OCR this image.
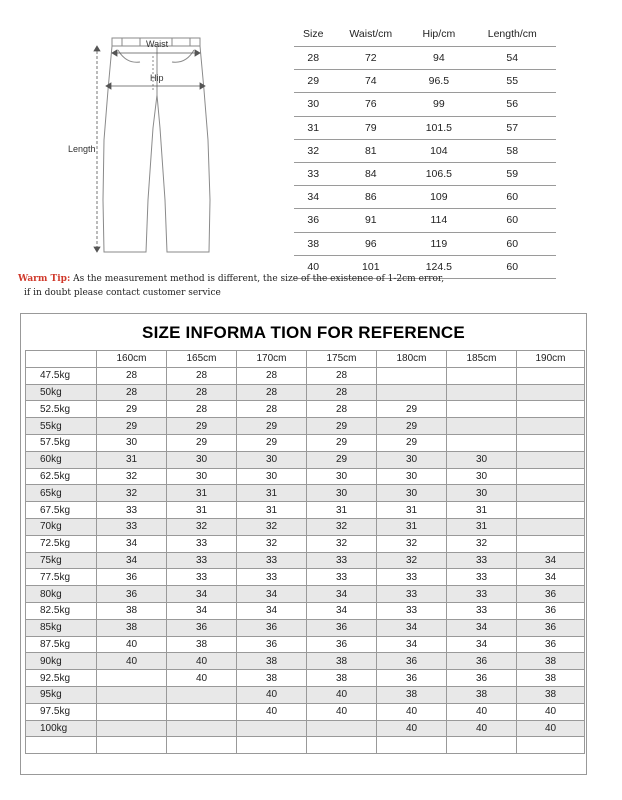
Waist
Hip
Length
Size	Waist/cm	Hip/cm	Length/cm
28	72	94	54
29	74	96.5	55
30	76	99	56
31	79	101.5	57
32	81	104	58
33	84	106.5	59
34	86	109	60
36	91	114	60
38	96	119	60
40	101	124.5	60
Warm Tip: As the measurement method is different, the size of the existence of 1-2cm error,
if in doubt please contact customer service
SIZE INFORMA TION FOR REFERENCE
	160cm	165cm	170cm	175cm	180cm	185cm	190cm
47.5kg	28	28	28	28			
50kg	28	28	28	28			
52.5kg	29	28	28	28	29		
55kg	29	29	29	29	29		
57.5kg	30	29	29	29	29		
60kg	31	30	30	29	30	30	
62.5kg	32	30	30	30	30	30	
65kg	32	31	31	30	30	30	
67.5kg	33	31	31	31	31	31	
70kg	33	32	32	32	31	31	
72.5kg	34	33	32	32	32	32	
75kg	34	33	33	33	32	33	34
77.5kg	36	33	33	33	33	33	34
80kg	36	34	34	34	33	33	36
82.5kg	38	34	34	34	33	33	36
85kg	38	36	36	36	34	34	36
87.5kg	40	38	36	36	34	34	36
90kg	40	40	38	38	36	36	38
92.5kg		40	38	38	36	36	38
95kg			40	40	38	38	38
97.5kg			40	40	40	40	40
100kg					40	40	40
